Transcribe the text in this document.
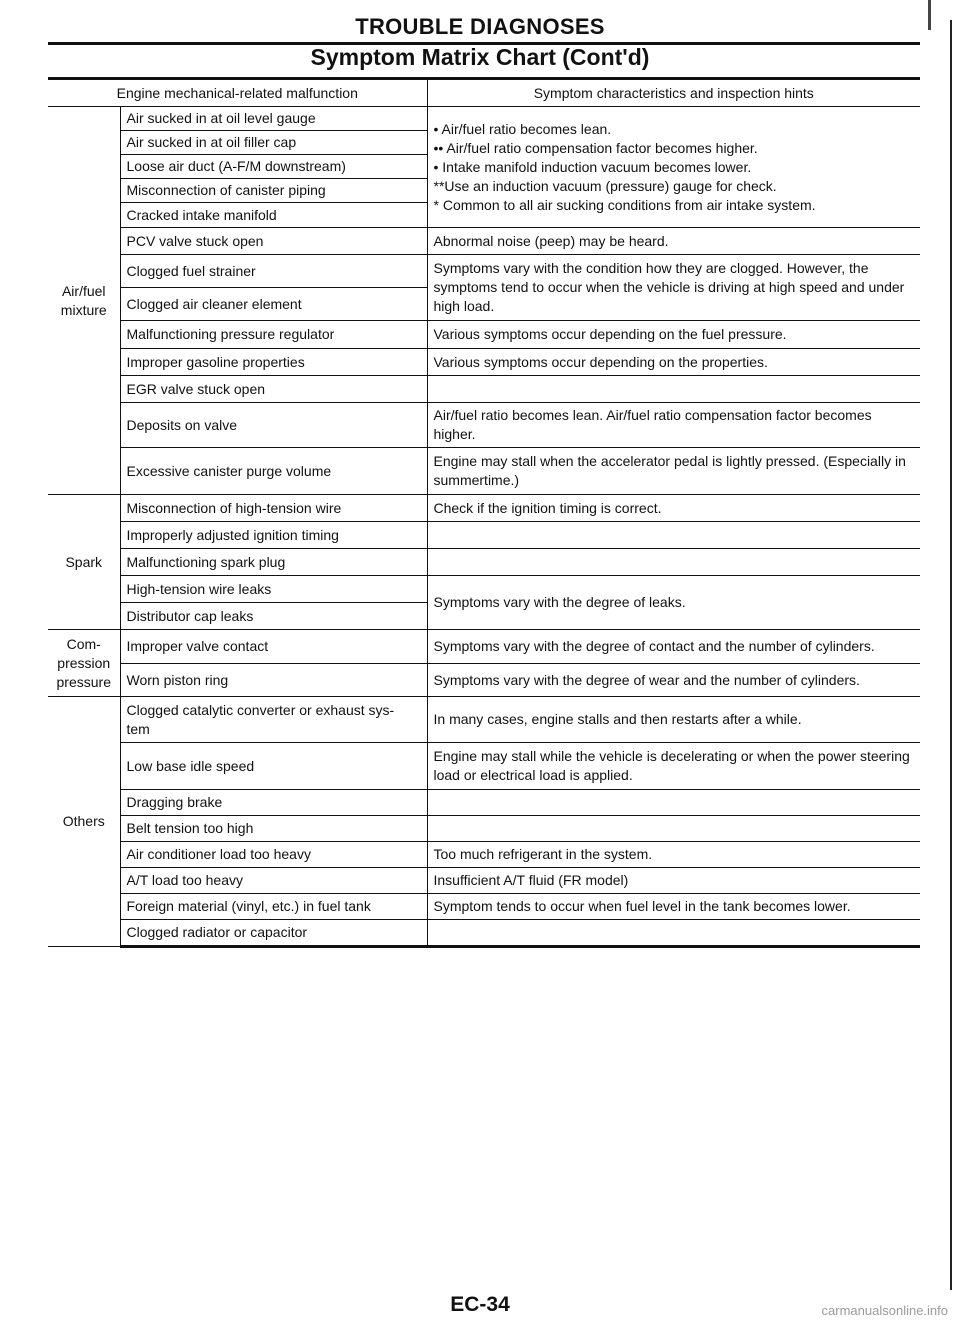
TROUBLE DIAGNOSES
Symptom Matrix Chart (Cont'd)
Engine mechanical-related malfunction		Symptom characteristics and inspection hints
Air/fuel mixture	Air sucked in at oil level gauge	• Air/fuel ratio becomes lean.
•• Air/fuel ratio compensation factor becomes higher.
• Intake manifold induction vacuum becomes lower.
**Use an induction vacuum (pressure) gauge for check.
* Common to all air sucking conditions from air intake system.

	Air sucked in at oil filler cap	
	Loose air duct (A-F/M downstream)	
	Misconnection of canister piping	
	Cracked intake manifold	
	PCV valve stuck open	Abnormal noise (peep) may be heard.
	Clogged fuel strainer	Symptoms vary with the condition how they are clogged. However, the symptoms tend to occur when the vehicle is driving at high speed and under high load.
	Clogged air cleaner element	
	Malfunctioning pressure regulator	Various symptoms occur depending on the fuel pressure.
	Improper gasoline properties	Various symptoms occur depending on the properties.
	EGR valve stuck open	
	Deposits on valve	Air/fuel ratio becomes lean. Air/fuel ratio compensation factor becomes higher.
	Excessive canister purge volume	Engine may stall when the accelerator pedal is lightly pressed. (Especially in summertime.)
Spark	Misconnection of high-tension wire	Check if the ignition timing is correct.
	Improperly adjusted ignition timing	
	Malfunctioning spark plug	
	High-tension wire leaks	Symptoms vary with the degree of leaks.
	Distributor cap leaks	
Com- pression pressure	Improper valve contact	Symptoms vary with the degree of contact and the number of cylinders.
	Worn piston ring	Symptoms vary with the degree of wear and the number of cylinders.
Others	Clogged catalytic converter or exhaust sys- tem	In many cases, engine stalls and then restarts after a while.
	Low base idle speed	Engine may stall while the vehicle is decelerating or when the power steering load or electrical load is applied.
	Dragging brake	
	Belt tension too high	
	Air conditioner load too heavy	Too much refrigerant in the system.
	A/T load too heavy	Insufficient A/T fluid (FR model)
	Foreign material (vinyl, etc.) in fuel tank	Symptom tends to occur when fuel level in the tank becomes lower.
	Clogged radiator or capacitor	
EC-34	carmanualsonline.info
